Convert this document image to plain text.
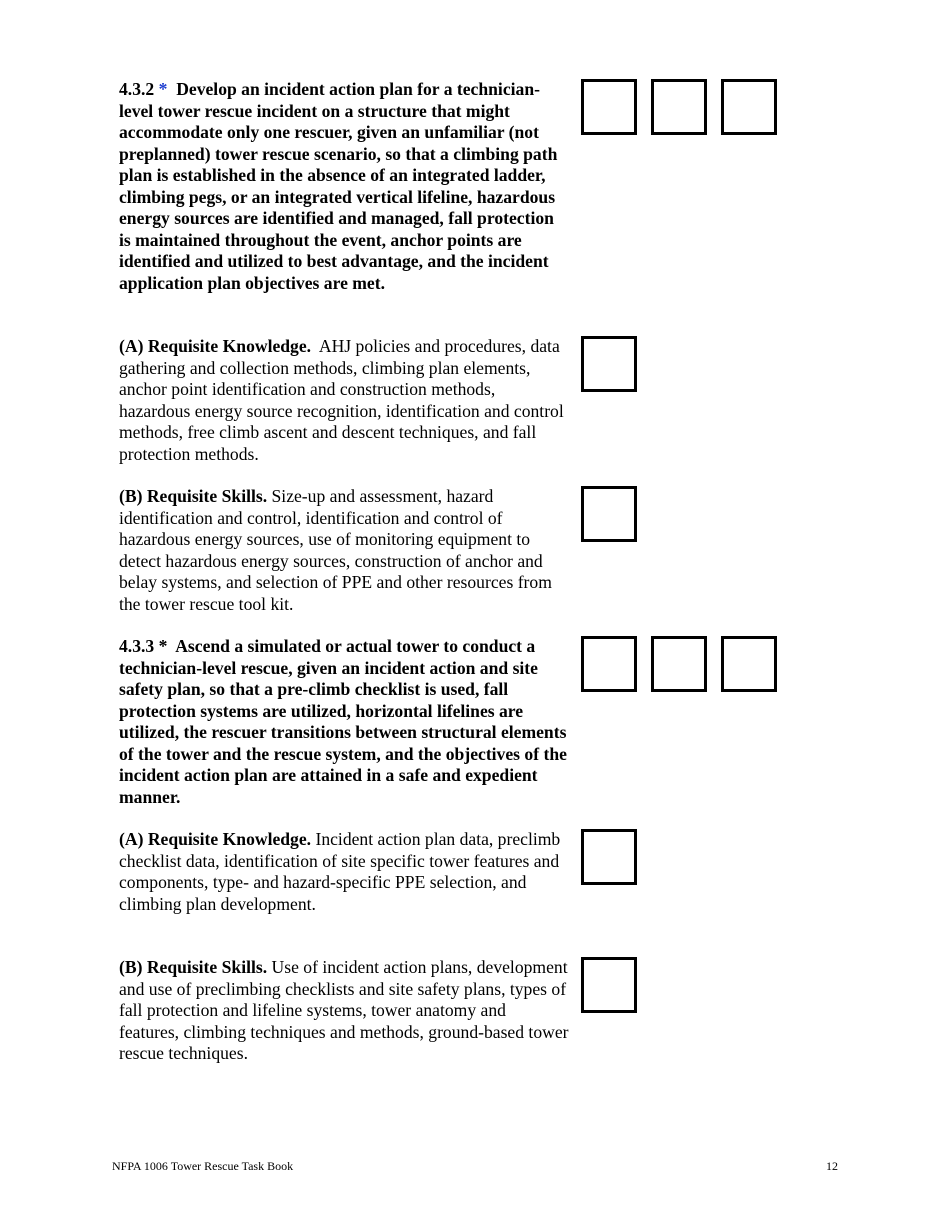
4.3.2 * Develop an incident action plan for a technician-level tower rescue incident on a structure that might accommodate only one rescuer, given an unfamiliar (not preplanned) tower rescue scenario, so that a climbing path plan is established in the absence of an integrated ladder, climbing pegs, or an integrated vertical lifeline, hazardous energy sources are identified and managed, fall protection is maintained throughout the event, anchor points are identified and utilized to best advantage, and the incident application plan objectives are met.

(A) Requisite Knowledge. AHJ policies and procedures, data gathering and collection methods, climbing plan elements, anchor point identification and construction methods, hazardous energy source recognition, identification and control methods, free climb ascent and descent techniques, and fall protection methods.

(B) Requisite Skills. Size-up and assessment, hazard identification and control, identification and control of hazardous energy sources, use of monitoring equipment to detect hazardous energy sources, construction of anchor and belay systems, and selection of PPE and other resources from the tower rescue tool kit.

4.3.3 * Ascend a simulated or actual tower to conduct a technician-level rescue, given an incident action and site safety plan, so that a pre-climb checklist is used, fall protection systems are utilized, horizontal lifelines are utilized, the rescuer transitions between structural elements of the tower and the rescue system, and the objectives of the incident action plan are attained in a safe and expedient manner.

(A) Requisite Knowledge. Incident action plan data, preclimb checklist data, identification of site specific tower features and components, type- and hazard-specific PPE selection, and climbing plan development.

(B) Requisite Skills. Use of incident action plans, development and use of preclimbing checklists and site safety plans, types of fall protection and lifeline systems, tower anatomy and features, climbing techniques and methods, ground-based tower rescue techniques.

NFPA 1006 Tower Rescue Task Book	12
